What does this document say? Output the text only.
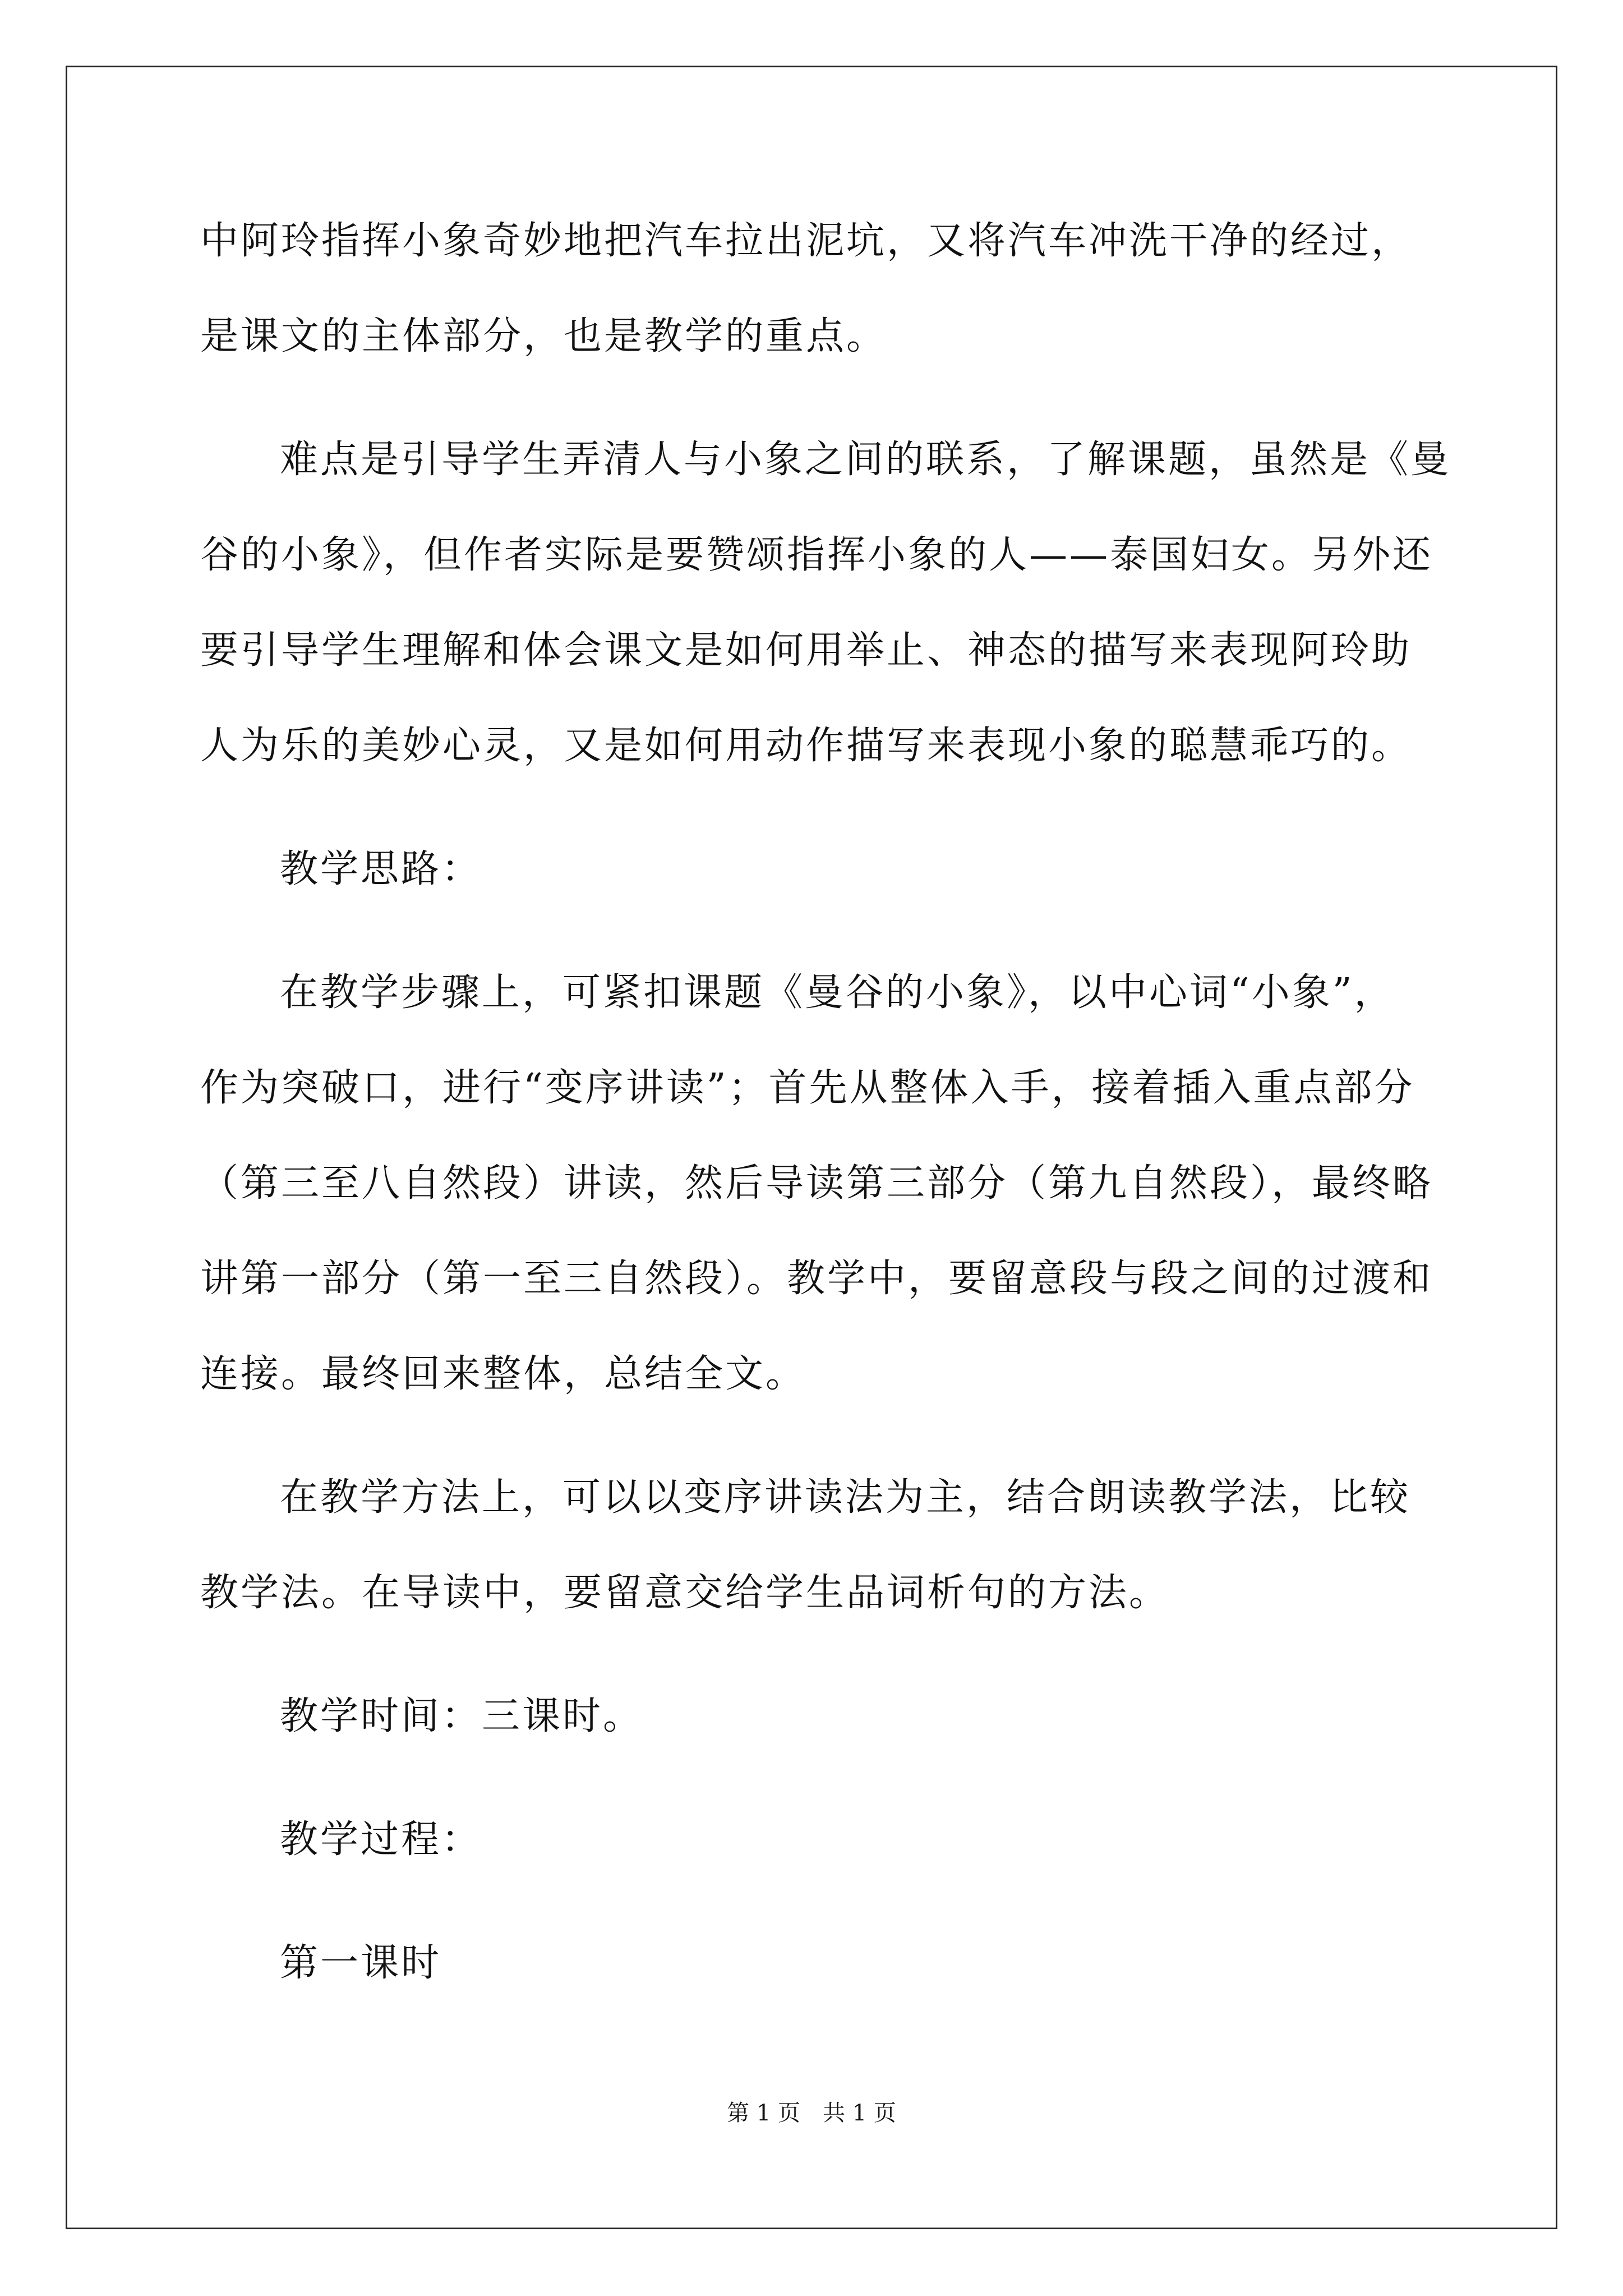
中阿玲指挥小象奇妙地把汽车拉出泥坑，又将汽车冲洗干净的经过，
是课文的主体部分，也是教学的重点。
难点是引导学生弄清人与小象之间的联系，了解课题，虽然是《曼
谷的小象》，但作者实际是要赞颂指挥小象的人——泰国妇女。另外还
要引导学生理解和体会课文是如何用举止、神态的描写来表现阿玲助
人为乐的美妙心灵，又是如何用动作描写来表现小象的聪慧乖巧的。
教学思路：
在教学步骤上，可紧扣课题《曼谷的小象》，以中心词“小象”，
作为突破口，进行“变序讲读”；首先从整体入手，接着插入重点部分
（第三至八自然段）讲读，然后导读第三部分（第九自然段），最终略
讲第一部分（第一至三自然段）。教学中，要留意段与段之间的过渡和
连接。最终回来整体，总结全文。
在教学方法上，可以以变序讲读法为主，结合朗读教学法，比较
教学法。在导读中，要留意交给学生品词析句的方法。
教学时间：三课时。
教学过程：
第一课时
第 1 页　共 1 页
